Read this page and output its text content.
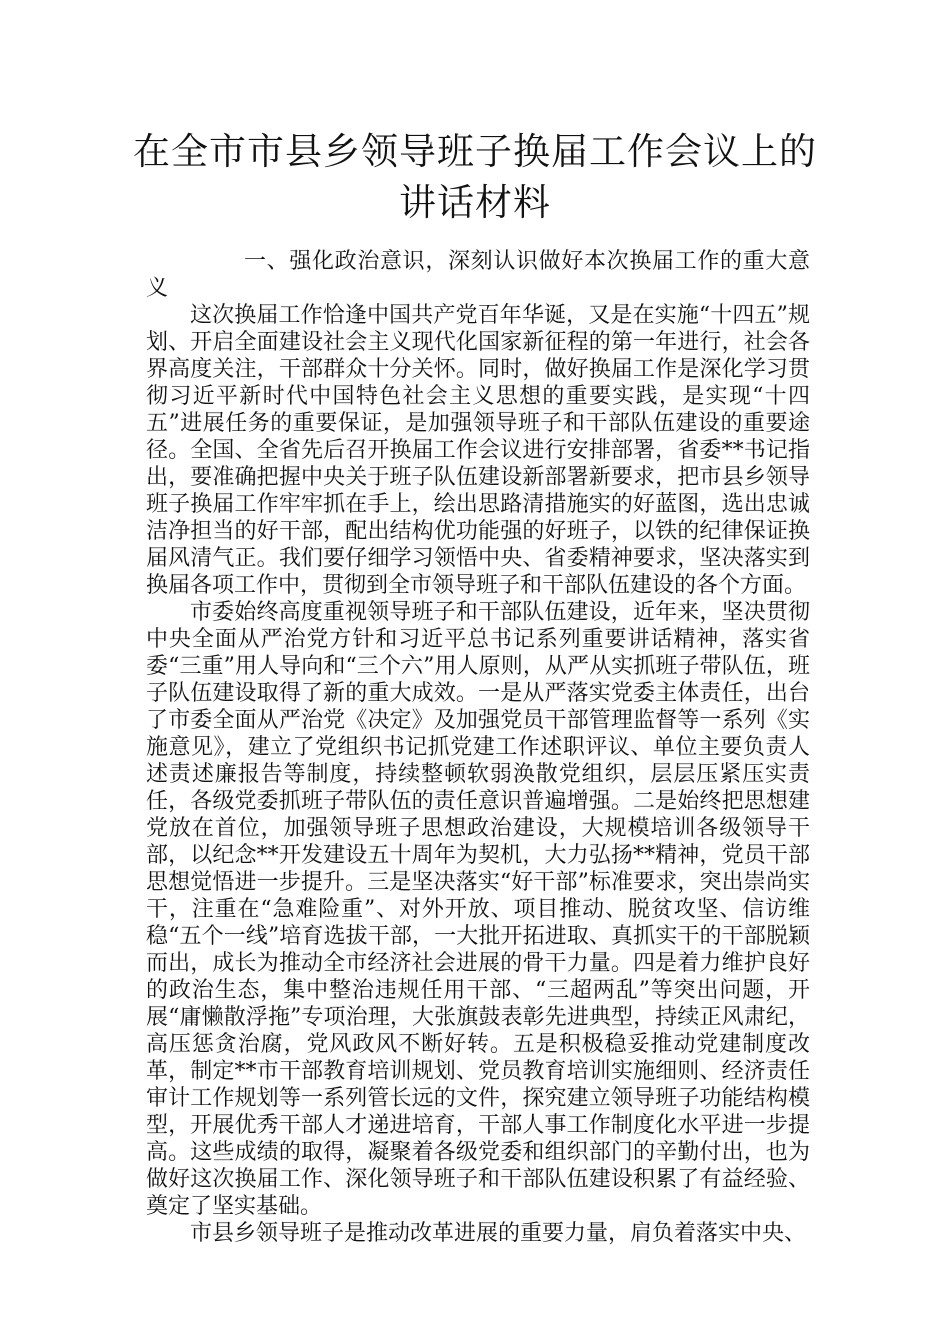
在全市市县乡领导班子换届工作会议上的
讲话材料

一、强化政治意识，深刻认识做好本次换届工作的重大意义

这次换届工作恰逢中国共产党百年华诞，又是在实施“十四五”规划、开启全面建设社会主义现代化国家新征程的第一年进行，社会各界高度关注，干部群众十分关怀。同时，做好换届工作是深化学习贯彻习近平新时代中国特色社会主义思想的重要实践，是实现“十四五”进展任务的重要保证，是加强领导班子和干部队伍建设的重要途径。全国、全省先后召开换届工作会议进行安排部署，省委**书记指出，要准确把握中央关于班子队伍建设新部署新要求，把市县乡领导班子换届工作牢牢抓在手上，绘出思路清措施实的好蓝图，选出忠诚洁净担当的好干部，配出结构优功能强的好班子，以铁的纪律保证换届风清气正。我们要仔细学习领悟中央、省委精神要求，坚决落实到换届各项工作中，贯彻到全市领导班子和干部队伍建设的各个方面。

市委始终高度重视领导班子和干部队伍建设，近年来，坚决贯彻中央全面从严治党方针和习近平总书记系列重要讲话精神，落实省委“三重”用人导向和“三个六”用人原则，从严从实抓班子带队伍，班子队伍建设取得了新的重大成效。一是从严落实党委主体责任，出台了市委全面从严治党《决定》及加强党员干部管理监督等一系列《实施意见》，建立了党组织书记抓党建工作述职评议、单位主要负责人述责述廉报告等制度，持续整顿软弱涣散党组织，层层压紧压实责任，各级党委抓班子带队伍的责任意识普遍增强。二是始终把思想建党放在首位，加强领导班子思想政治建设，大规模培训各级领导干部，以纪念**开发建设五十周年为契机，大力弘扬**精神，党员干部思想觉悟进一步提升。三是坚决落实“好干部”标准要求，突出崇尚实干，注重在“急难险重”、对外开放、项目推动、脱贫攻坚、信访维稳“五个一线”培育选拔干部，一大批开拓进取、真抓实干的干部脱颖而出，成长为推动全市经济社会进展的骨干力量。四是着力维护良好的政治生态，集中整治违规任用干部、“三超两乱”等突出问题，开展“庸懒散浮拖”专项治理，大张旗鼓表彰先进典型，持续正风肃纪，高压惩贪治腐，党风政风不断好转。五是积极稳妥推动党建制度改革，制定**市干部教育培训规划、党员教育培训实施细则、经济责任审计工作规划等一系列管长远的文件，探究建立领导班子功能结构模型，开展优秀干部人才递进培育，干部人事工作制度化水平进一步提高。这些成绩的取得，凝聚着各级党委和组织部门的辛勤付出，也为做好这次换届工作、深化领导班子和干部队伍建设积累了有益经验、奠定了坚实基础。

市县乡领导班子是推动改革进展的重要力量，肩负着落实中央、
